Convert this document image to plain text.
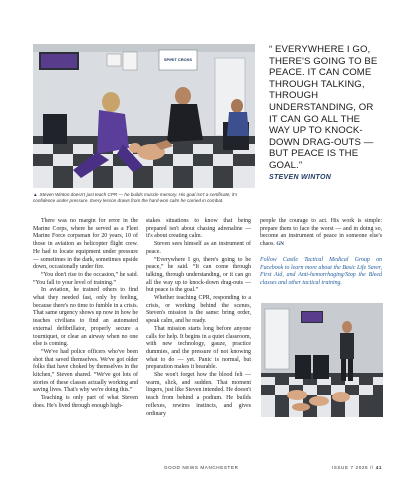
SPIRIT CROSS
▲ Steven Winton doesn't just teach CPR — he builds muscle memory. His goal isn't a certificate; it's confidence under pressure. Every lesson draws from the hard-won calm he carried in combat.
“ EVERYWHERE I GO, THERE'S GOING TO BE PEACE. IT CAN COME THROUGH TALKING, THROUGH UNDERSTANDING, OR IT CAN GO ALL THE WAY UP TO KNOCK-DOWN DRAG-OUTS — BUT PEACE IS THE GOAL.”
STEVEN WINTON

There was no margin for error in the Marine Corps, where he served as a Fleet Marine Force corpsman for 20 years, 10 of those in aviation as helicopter flight crew. He had to locate equipment under pressure — sometimes in the dark, sometimes upside down, occasionally under fire.

“You don't rise to the occasion,” he said. “You fall to your level of training.”

In aviation, he trained others to find what they needed fast, only by feeling, because there's no time to fumble in a crisis. That same urgency shows up now in how he teaches civilians to find an automated external defibrillator, properly secure a tourniquet, or clear an airway when no one else is coming.

“We've had police officers who've been shot that saved themselves. We've got older folks that have choked by themselves in the kitchen,” Steven shared. “We've got lots of stories of these classes actually working and saving lives. That's why we're doing this.”

Teaching is only part of what Steven does. He's lived through enough high-

stakes situations to know that being prepared isn't about chasing adrenaline — it's about creating calm.

Steven sees himself as an instrument of peace.

“Everywhere I go, there's going to be peace,” he said. “It can come through talking, through understanding, or it can go all the way up to knock-down drag-outs — but peace is the goal.”

Whether teaching CPR, responding to a crisis, or working behind the scenes, Steven's mission is the same: bring order, speak calm, and be ready.

That mission starts long before anyone calls for help. It begins in a quiet classroom, with new technology, gauze, practice dummies, and the pressure of not knowing what to do — yet. Panic is normal, but preparation makes it bearable.

She won't forget how the blood felt — warm, slick, and sudden. That moment lingers, just like Steven intended. He doesn't teach from behind a podium. He builds reflexes, rewires instincts, and gives ordinary

people the courage to act. His work is simple: prepare them to face the worst — and in doing so, become an instrument of peace in someone else's chaos. GN

Follow Castle Tactical Medical Group on Facebook to learn more about the Basic Life Saver, First Aid, and Anti-hemorrhaging/Stop the Bleed classes and other tactical training.

GOOD NEWS MANCHESTER	ISSUE 7 2025 // 41
